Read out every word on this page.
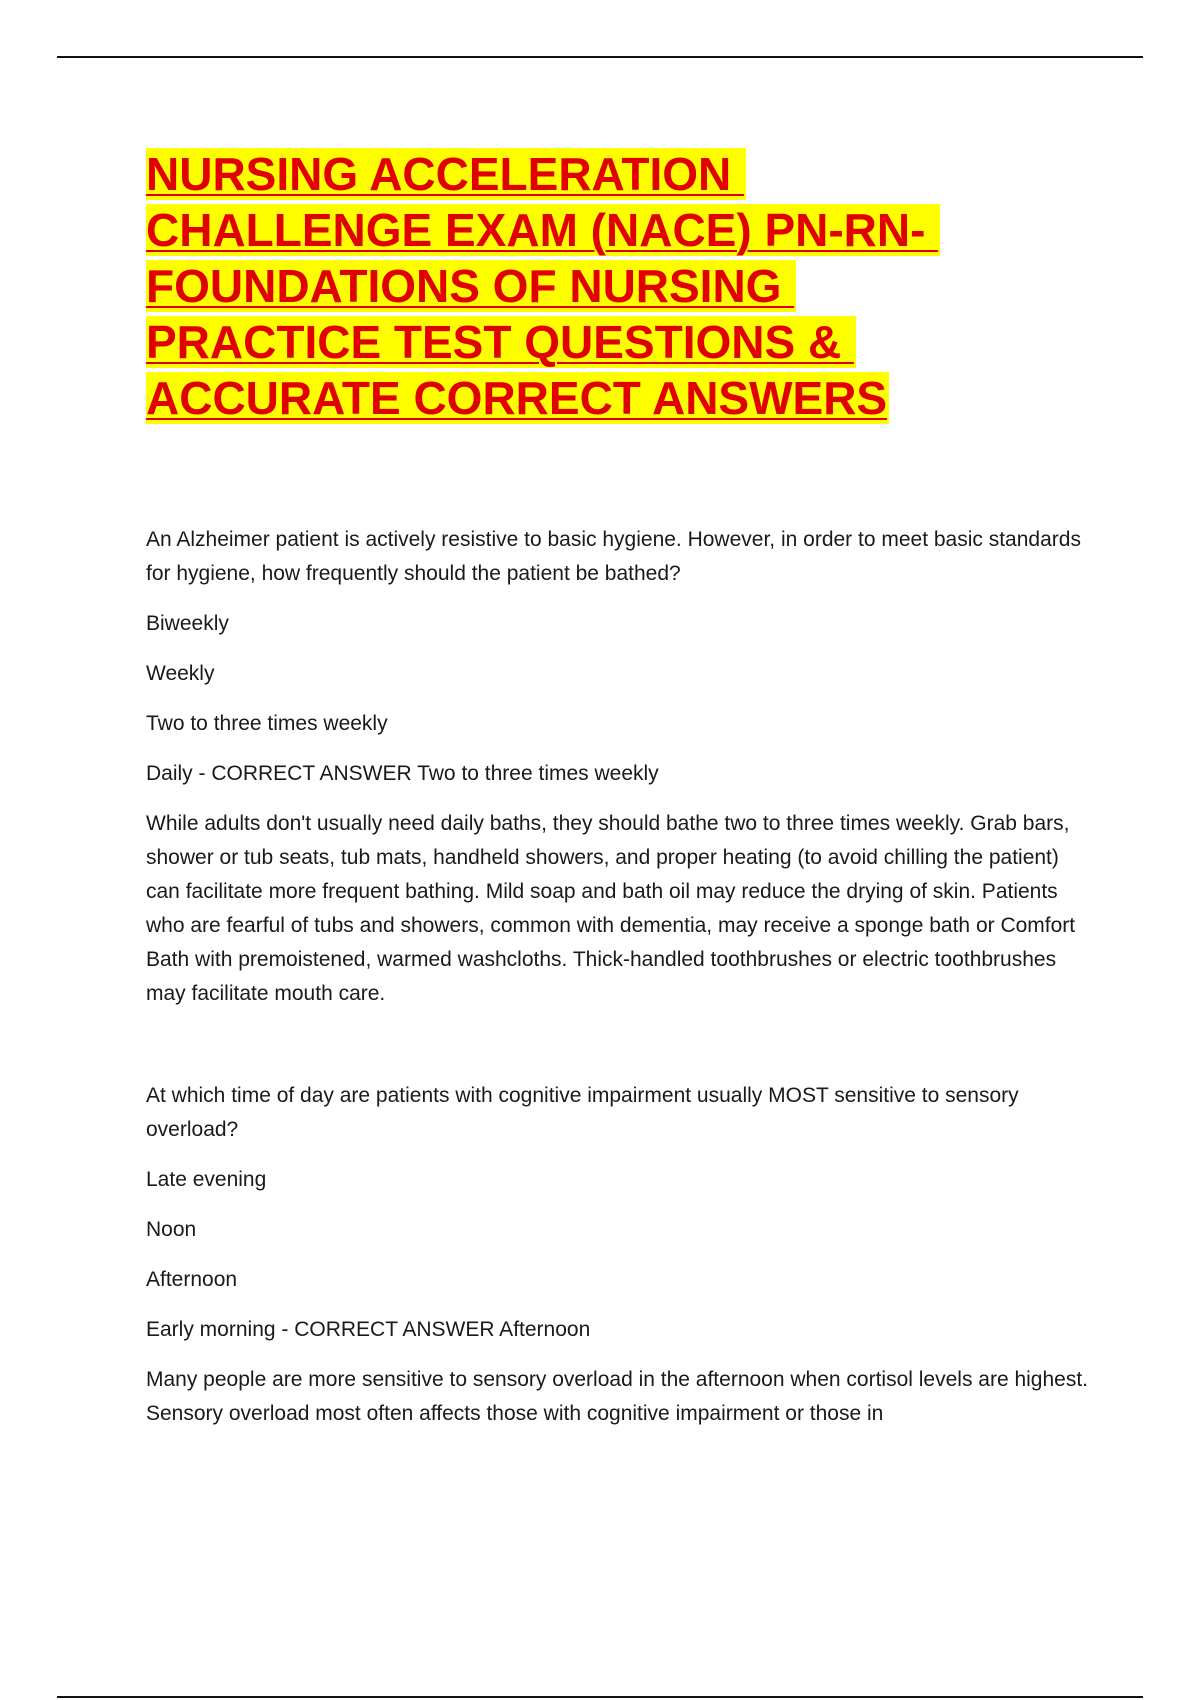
NURSING ACCELERATION
CHALLENGE EXAM (NACE) PN-RN-
FOUNDATIONS OF NURSING
PRACTICE TEST QUESTIONS &
ACCURATE CORRECT ANSWERS

An Alzheimer patient is actively resistive to basic hygiene. However, in order to meet basic standards for hygiene, how frequently should the patient be bathed?

Biweekly

Weekly

Two to three times weekly

Daily - CORRECT ANSWER Two to three times weekly

While adults don't usually need daily baths, they should bathe two to three times weekly. Grab bars, shower or tub seats, tub mats, handheld showers, and proper heating (to avoid chilling the patient) can facilitate more frequent bathing. Mild soap and bath oil may reduce the drying of skin. Patients who are fearful of tubs and showers, common with dementia, may receive a sponge bath or Comfort Bath with premoistened, warmed washcloths. Thick-handled toothbrushes or electric toothbrushes may facilitate mouth care.

At which time of day are patients with cognitive impairment usually MOST sensitive to sensory overload?

Late evening

Noon

Afternoon

Early morning - CORRECT ANSWER Afternoon

Many people are more sensitive to sensory overload in the afternoon when cortisol levels are highest. Sensory overload most often affects those with cognitive impairment or those in
